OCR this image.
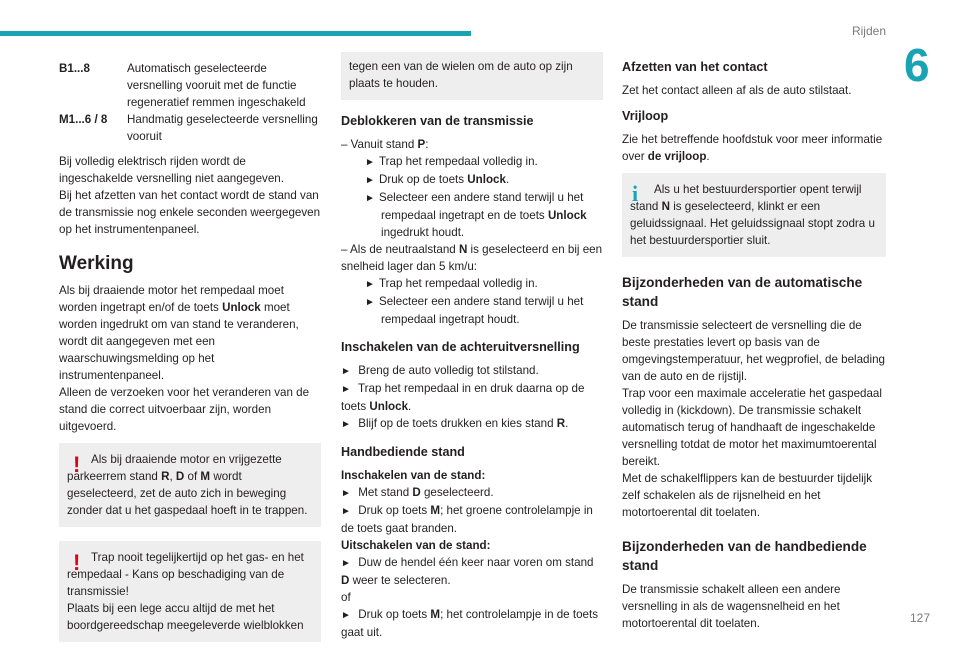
Rijden
6
127
B1...8	Automatisch geselecteerde versnelling vooruit met de functie regeneratief remmen ingeschakeld
M1...6 / 8	Handmatig geselecteerde versnelling vooruit

Bij volledig elektrisch rijden wordt de ingeschakelde versnelling niet aangegeven.
Bij het afzetten van het contact wordt de stand van de transmissie nog enkele seconden weergegeven op het instrumentenpaneel.

Werking

Als bij draaiende motor het rempedaal moet worden ingetrapt en/of de toets Unlock moet worden ingedrukt om van stand te veranderen, wordt dit aangegeven met een waarschuwingsmelding op het instrumentenpaneel.
Alleen de verzoeken voor het veranderen van de stand die correct uitvoerbaar zijn, worden uitgevoerd.

! Als bij draaiende motor en vrijgezette parkeerrem stand R, D of M wordt geselecteerd, zet de auto zich in beweging zonder dat u het gaspedaal hoeft in te trappen.
! Trap nooit tegelijkertijd op het gas- en het rempedaal - Kans op beschadiging van de transmissie!
Plaats bij een lege accu altijd de met het boordgereedschap meegeleverde wielblokken
tegen een van de wielen om de auto op zijn plaats te houden.
Deblokkeren van de transmissie
– Vanuit stand P:
► Trap het rempedaal volledig in.
► Druk op de toets Unlock.
► Selecteer een andere stand terwijl u het rempedaal ingetrapt en de toets Unlock ingedrukt houdt.
– Als de neutraalstand N is geselecteerd en bij een snelheid lager dan 5 km/u:
► Trap het rempedaal volledig in.
► Selecteer een andere stand terwijl u het rempedaal ingetrapt houdt.
Inschakelen van de achteruitversnelling
► Breng de auto volledig tot stilstand.
► Trap het rempedaal in en druk daarna op de toets Unlock.
► Blijf op de toets drukken en kies stand R.
Handbediende stand
Inschakelen van de stand:
► Met stand D geselecteerd.
► Druk op toets M; het groene controlelampje in de toets gaat branden.
Uitschakelen van de stand:
► Duw de hendel één keer naar voren om stand D weer te selecteren.
of
► Druk op toets M; het controlelampje in de toets gaat uit.
Afzetten van het contact

Zet het contact alleen af als de auto stilstaat.

Vrijloop

Zie het betreffende hoofdstuk voor meer informatie over de vrijloop.

i	Als u het bestuurdersportier opent terwijl stand N is geselecteerd, klinkt er een geluidssignaal. Het geluidssignaal stopt zodra u het bestuurdersportier sluit.
Bijzonderheden van de automatische stand

De transmissie selecteert de versnelling die de beste prestaties levert op basis van de omgevingstemperatuur, het wegprofiel, de belading van de auto en de rijstijl.
Trap voor een maximale acceleratie het gaspedaal volledig in (kickdown). De transmissie schakelt automatisch terug of handhaaft de ingeschakelde versnelling totdat de motor het maximumtoerental bereikt.
Met de schakelflippers kan de bestuurder tijdelijk zelf schakelen als de rijsnelheid en het motortoerental dit toelaten.

Bijzonderheden van de handbediende stand

De transmissie schakelt alleen een andere versnelling in als de wagensnelheid en het motortoerental dit toelaten.
